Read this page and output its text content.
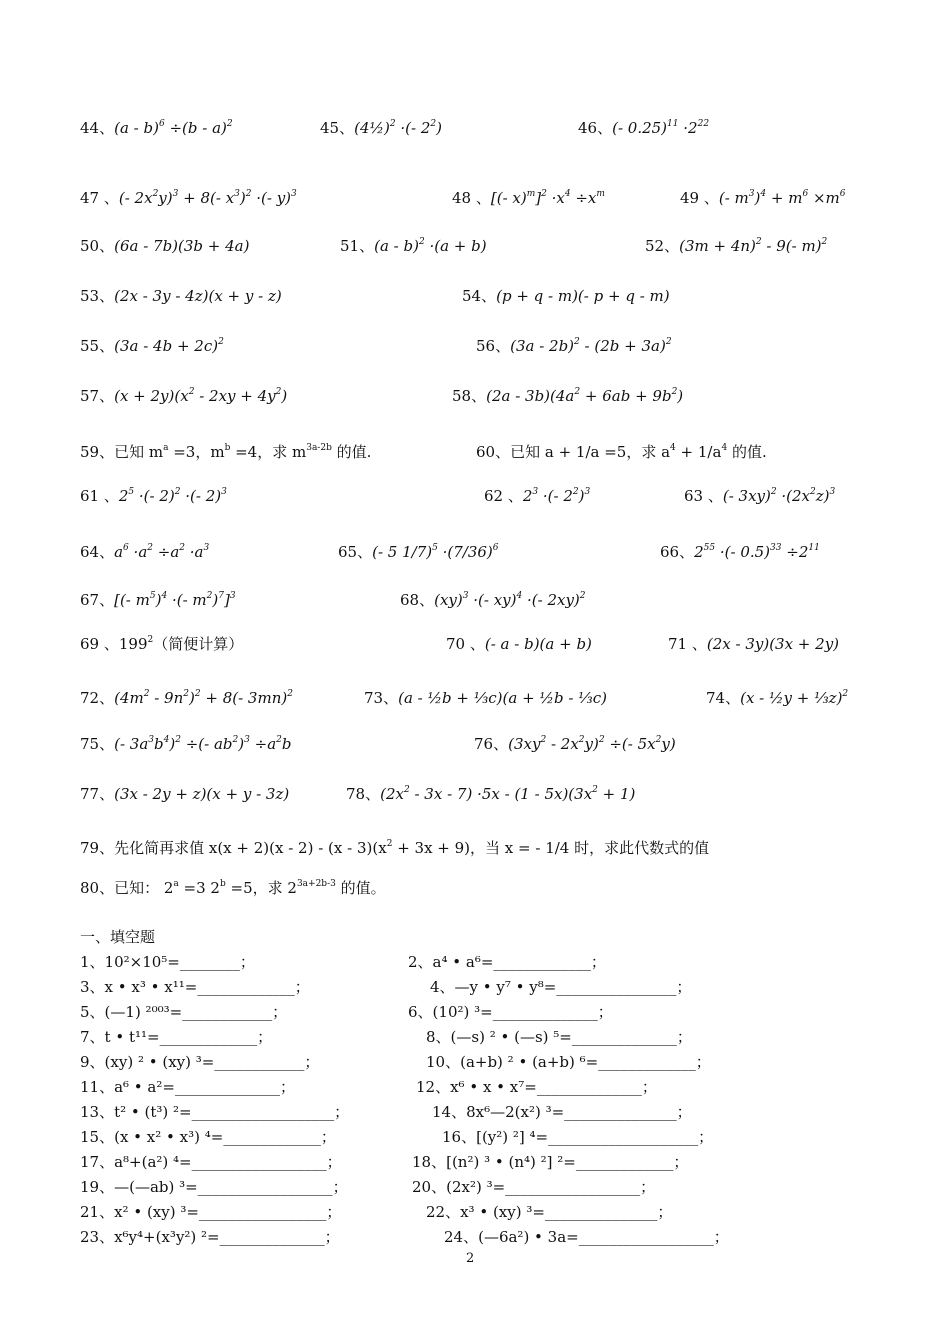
44、(a - b)$^6$ ÷(b - a)$^2$	45、(4½)$^2$ ·(- $2^2$)	46、(- $0.25)^{11} \cdot 2^{22}$
47 、(- $2x^2y)^3 + 8(-$ $x^3)^2$ ·(- y)$^3$	48 、[(- $x)^m]^2 \cdot x^4 \div x^m$	49 、(- $m^3)^4 + m^6 \times m^6$
50、(6a - 7b)(3b + 4a)	51、(a - b)$^2$ ·(a + b)	52、$(3m + 4n)^2 - 9(-$ m)$^2$
53、(2x - 3y - 4z)(x + y - z)	54、(p + q - m)(- p + q - m)
55、$(3a - 4b + 2c)^2$	56、$(3a - 2b)^2 - (2b + 3a)^2$
57、$(x + 2y)(x^2 - 2xy + 4y^2)$	58、$(2a - 3b)(4a^2 + 6ab + 9b^2)$
59、已知 $m^a =3$，$m^b =4$，求 $m^{3a-2b}$ 的值.	60、已知 a + 1/a =5，求 $a^4 + 1/a^4$ 的值.
61 、$2^5$ ·(- 2)$^2$ ·(- 2)$^3$	62 、$2^3$ ·(- $2^2)^3$	63 、(- $3xy)^2 \cdot(2x^2z)^3$
64、$a^6 \cdot a^2 \div a^2 \cdot a^3$	65、(- 5 $1/7)^5 \cdot(7/36)^6$	66、$2^{55}$ ·(- $0.5)^{33} \div 2^{11}$
67、[(- $m^5)^4$ ·(- $m^2)^7]^3$	68、(xy)$^3$ ·(- xy)$^4$ ·(- 2xy)$^2$
69 、$199^2$（简便计算）	70 、(- a - b)(a + b)	71 、(2x - 3y)(3x + 2y)
72、$(4m^2 - 9n^2)^2 + 8(-$ 3mn)$^2$	73、(a - ½b + ⅓c)(a + ½b - ⅓c)	74、(x - ½y + ⅓z)$^2$
75、(- $3a^3b^4)^2$ ÷(- $ab^2)^3 \div a^2b$	76、$(3xy^2 - 2x^2y)^2$ ÷(- $5x^2y$)
77、(3x - 2y + z)(x + y - 3z)	78、$(2x^2 - 3x - 7) \cdot 5x - (1 - 5x)(3x^2 + 1)$
79、先化简再求值 $x(x + 2)(x - 2) - (x - 3)(x^2 + 3x + 9)$，当 x = - 1/4 时，求此代数式的值
80、已知： $2^a =3$ $2^b =5$，求 $2^{3a+2b-3}$ 的值。
一、填空题
1、10²×10⁵=________；	2、a⁴ • a⁶=_____________；
3、x • x³ • x¹¹=_____________；	4、—y • y⁷ • y⁸=________________；
5、(—1) ²⁰⁰³=____________；	6、(10²) ³=______________；
7、t • t¹¹=_____________；	8、(—s) ² • (—s) ⁵=______________；
9、(xy) ² • (xy) ³=____________；	10、(a+b) ² • (a+b) ⁶=_____________；
11、a⁶ • a²=______________；	12、x⁶ • x • x⁷=______________；
13、t² • (t³) ²=___________________；	14、8x⁶—2(x²) ³=_______________；
15、(x • x² • x³) ⁴=_____________；	16、[(y²) ²] ⁴=____________________；
17、a⁸+(a²) ⁴=__________________；	18、[(n²) ³ • (n⁴) ²] ²=_____________；
19、—(—ab) ³=__________________；	20、(2x²) ³=__________________；
21、x² • (xy) ³=_________________；	22、x³ • (xy) ³=_______________；
23、x⁶y⁴+(x³y²) ²=______________；	24、(—6a²) • 3a=__________________；
2
